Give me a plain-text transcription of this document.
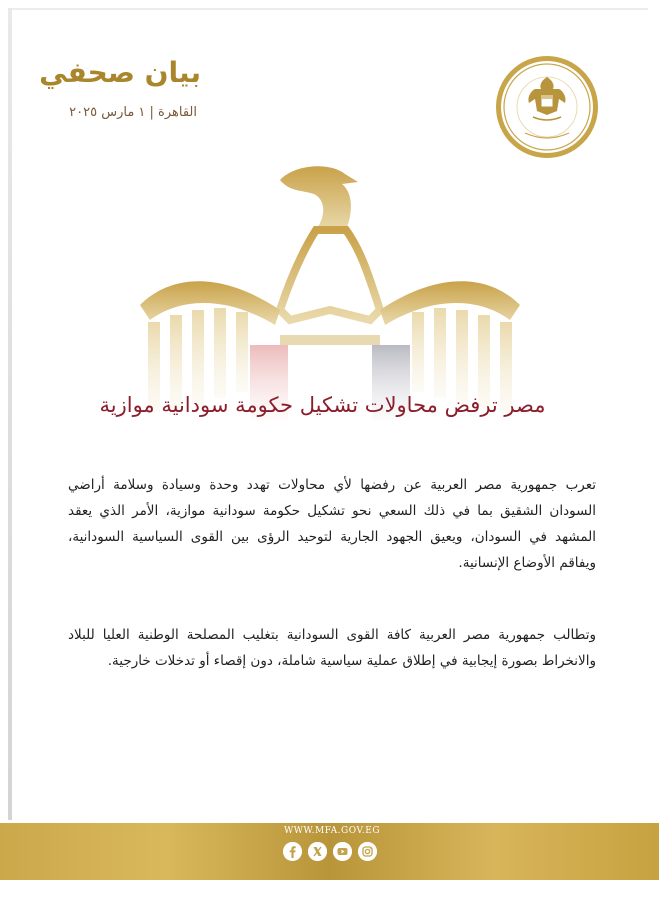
بيان صحفي
القاهرة | ١ مارس ٢٠٢٥
مصر ترفض محاولات تشكيل حكومة سودانية موازية
تعرب جمهورية مصر العربية عن رفضها لأي محاولات تهدد وحدة وسيادة وسلامة أراضي السودان الشقيق بما في ذلك السعي نحو تشكيل حكومة سودانية موازية، الأمر الذي يعقد المشهد في السودان، ويعيق الجهود الجارية لتوحيد الرؤى بين القوى السياسية السودانية، ويفاقم الأوضاع الإنسانية.
وتطالب جمهورية مصر العربية كافة القوى السودانية بتغليب المصلحة الوطنية العليا للبلاد والانخراط بصورة إيجابية في إطلاق عملية سياسية شاملة، دون إقصاء أو تدخلات خارجية.
WWW.MFA.GOV.EG
